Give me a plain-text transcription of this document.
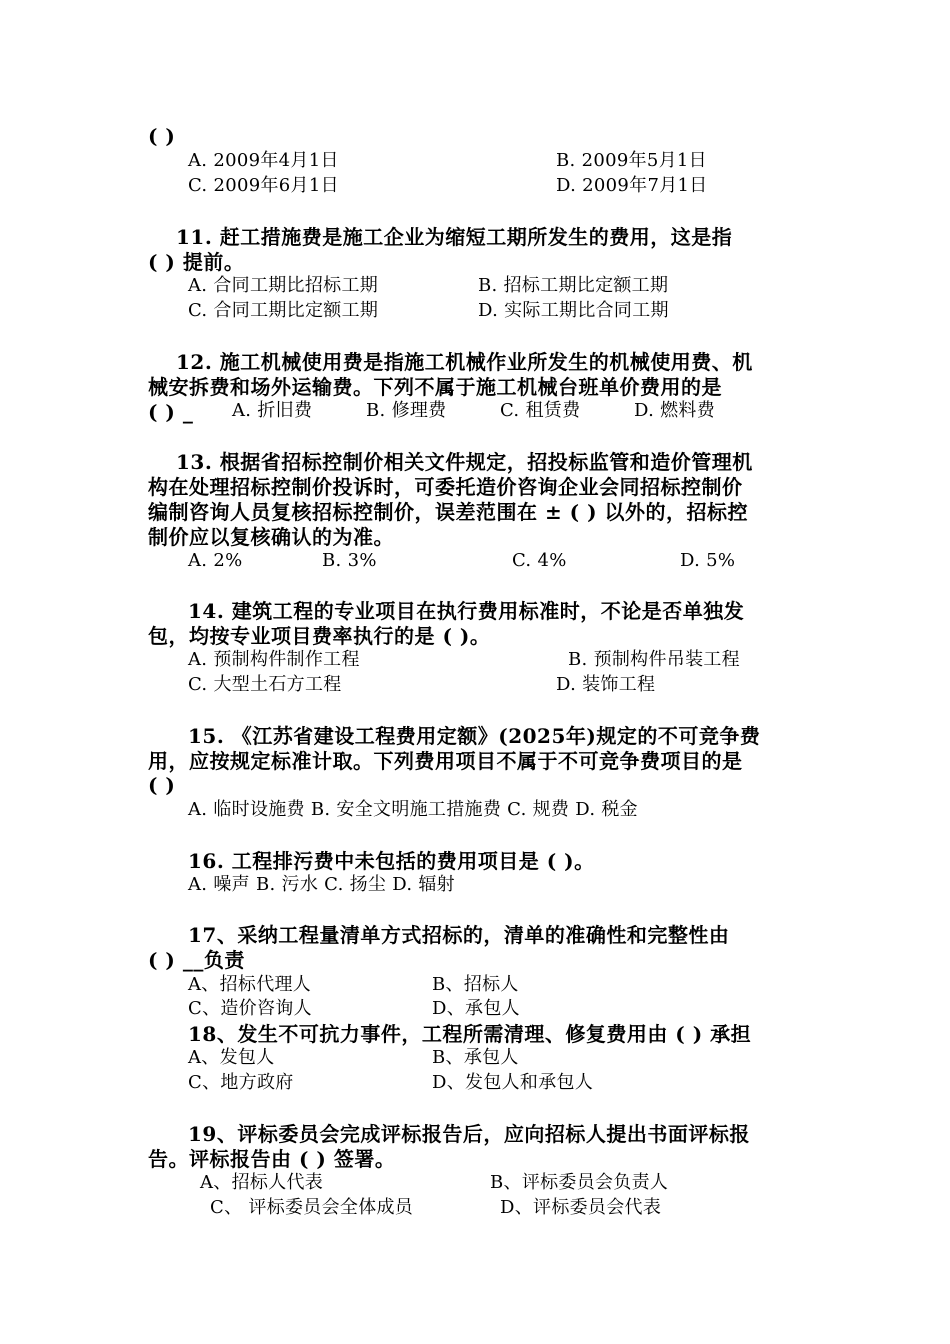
( )
A. 2009年4月1日	B. 2009年5月1日
C. 2009年6月1日	D. 2009年7月1日
11. 赶工措施费是施工企业为缩短工期所发生的费用，这是指
( ) 提前。
A. 合同工期比招标工期	B. 招标工期比定额工期
C. 合同工期比定额工期	D. 实际工期比合同工期
12. 施工机械使用费是指施工机械作业所发生的机械使用费、机
械安拆费和场外运输费。下列不属于施工机械台班单价费用的是
( ) _ A. 折旧费	B. 修理费	C. 租赁费	D. 燃料费
13. 根据省招标控制价相关文件规定，招投标监管和造价管理机
构在处理招标控制价投诉时，可委托造价咨询企业会同招标控制价
编制咨询人员复核招标控制价，误差范围在 ± ( ) 以外的，招标控
制价应以复核确认的为准。
A. 2%	B. 3%	C. 4%	D. 5%
14. 建筑工程的专业项目在执行费用标准时，不论是否单独发
包，均按专业项目费率执行的是 ( )。
A. 预制构件制作工程	B. 预制构件吊装工程
C. 大型土石方工程	D. 装饰工程
15. 《江苏省建设工程费用定额》(2025年)规定的不可竞争费
用，应按规定标准计取。下列费用项目不属于不可竞争费项目的是
( )
A. 临时设施费 B. 安全文明施工措施费 C. 规费 D. 税金
16. 工程排污费中未包括的费用项目是 ( )。
A. 噪声 B. 污水 C. 扬尘 D. 辐射
17、采纳工程量清单方式招标的，清单的准确性和完整性由
( ) __负责
A、招标代理人	B、招标人
C、造价咨询人	D、承包人
18、发生不可抗力事件，工程所需清理、修复费用由 ( ) 承担
A、发包人	B、承包人
C、地方政府	D、发包人和承包人
19、评标委员会完成评标报告后，应向招标人提出书面评标报
告。评标报告由 ( ) 签署。
A、招标人代表	B、评标委员会负责人
C、 评标委员会全体成员	D、评标委员会代表
